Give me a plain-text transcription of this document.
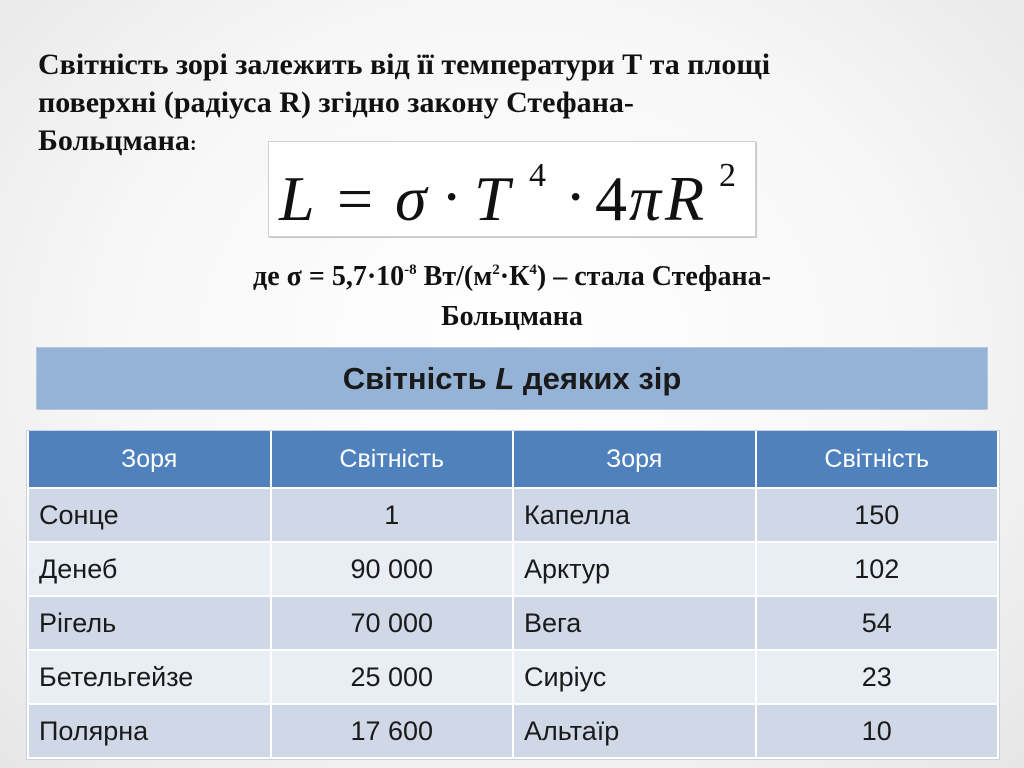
Світність зорі залежить від її температури Т та площі
поверхні (радіуса R) згідно закону Стефана-
Больцмана:
L = σ · T 4 · 4 π R 2

де $\sigma = 5,7\cdot 10^{-8}$ $Вт/(м^2\cdot К^4)$ – стала Стефана-

Больцмана

Світність L деяких зір
Зоря	Світність	Зоря	Світність
Сонце	1	Капелла	150
Денеб	90 000	Арктур	102
Рігель	70 000	Вега	54
Бетельгейзе	25 000	Сиріус	23
Полярна	17 600	Альтаїр	10
